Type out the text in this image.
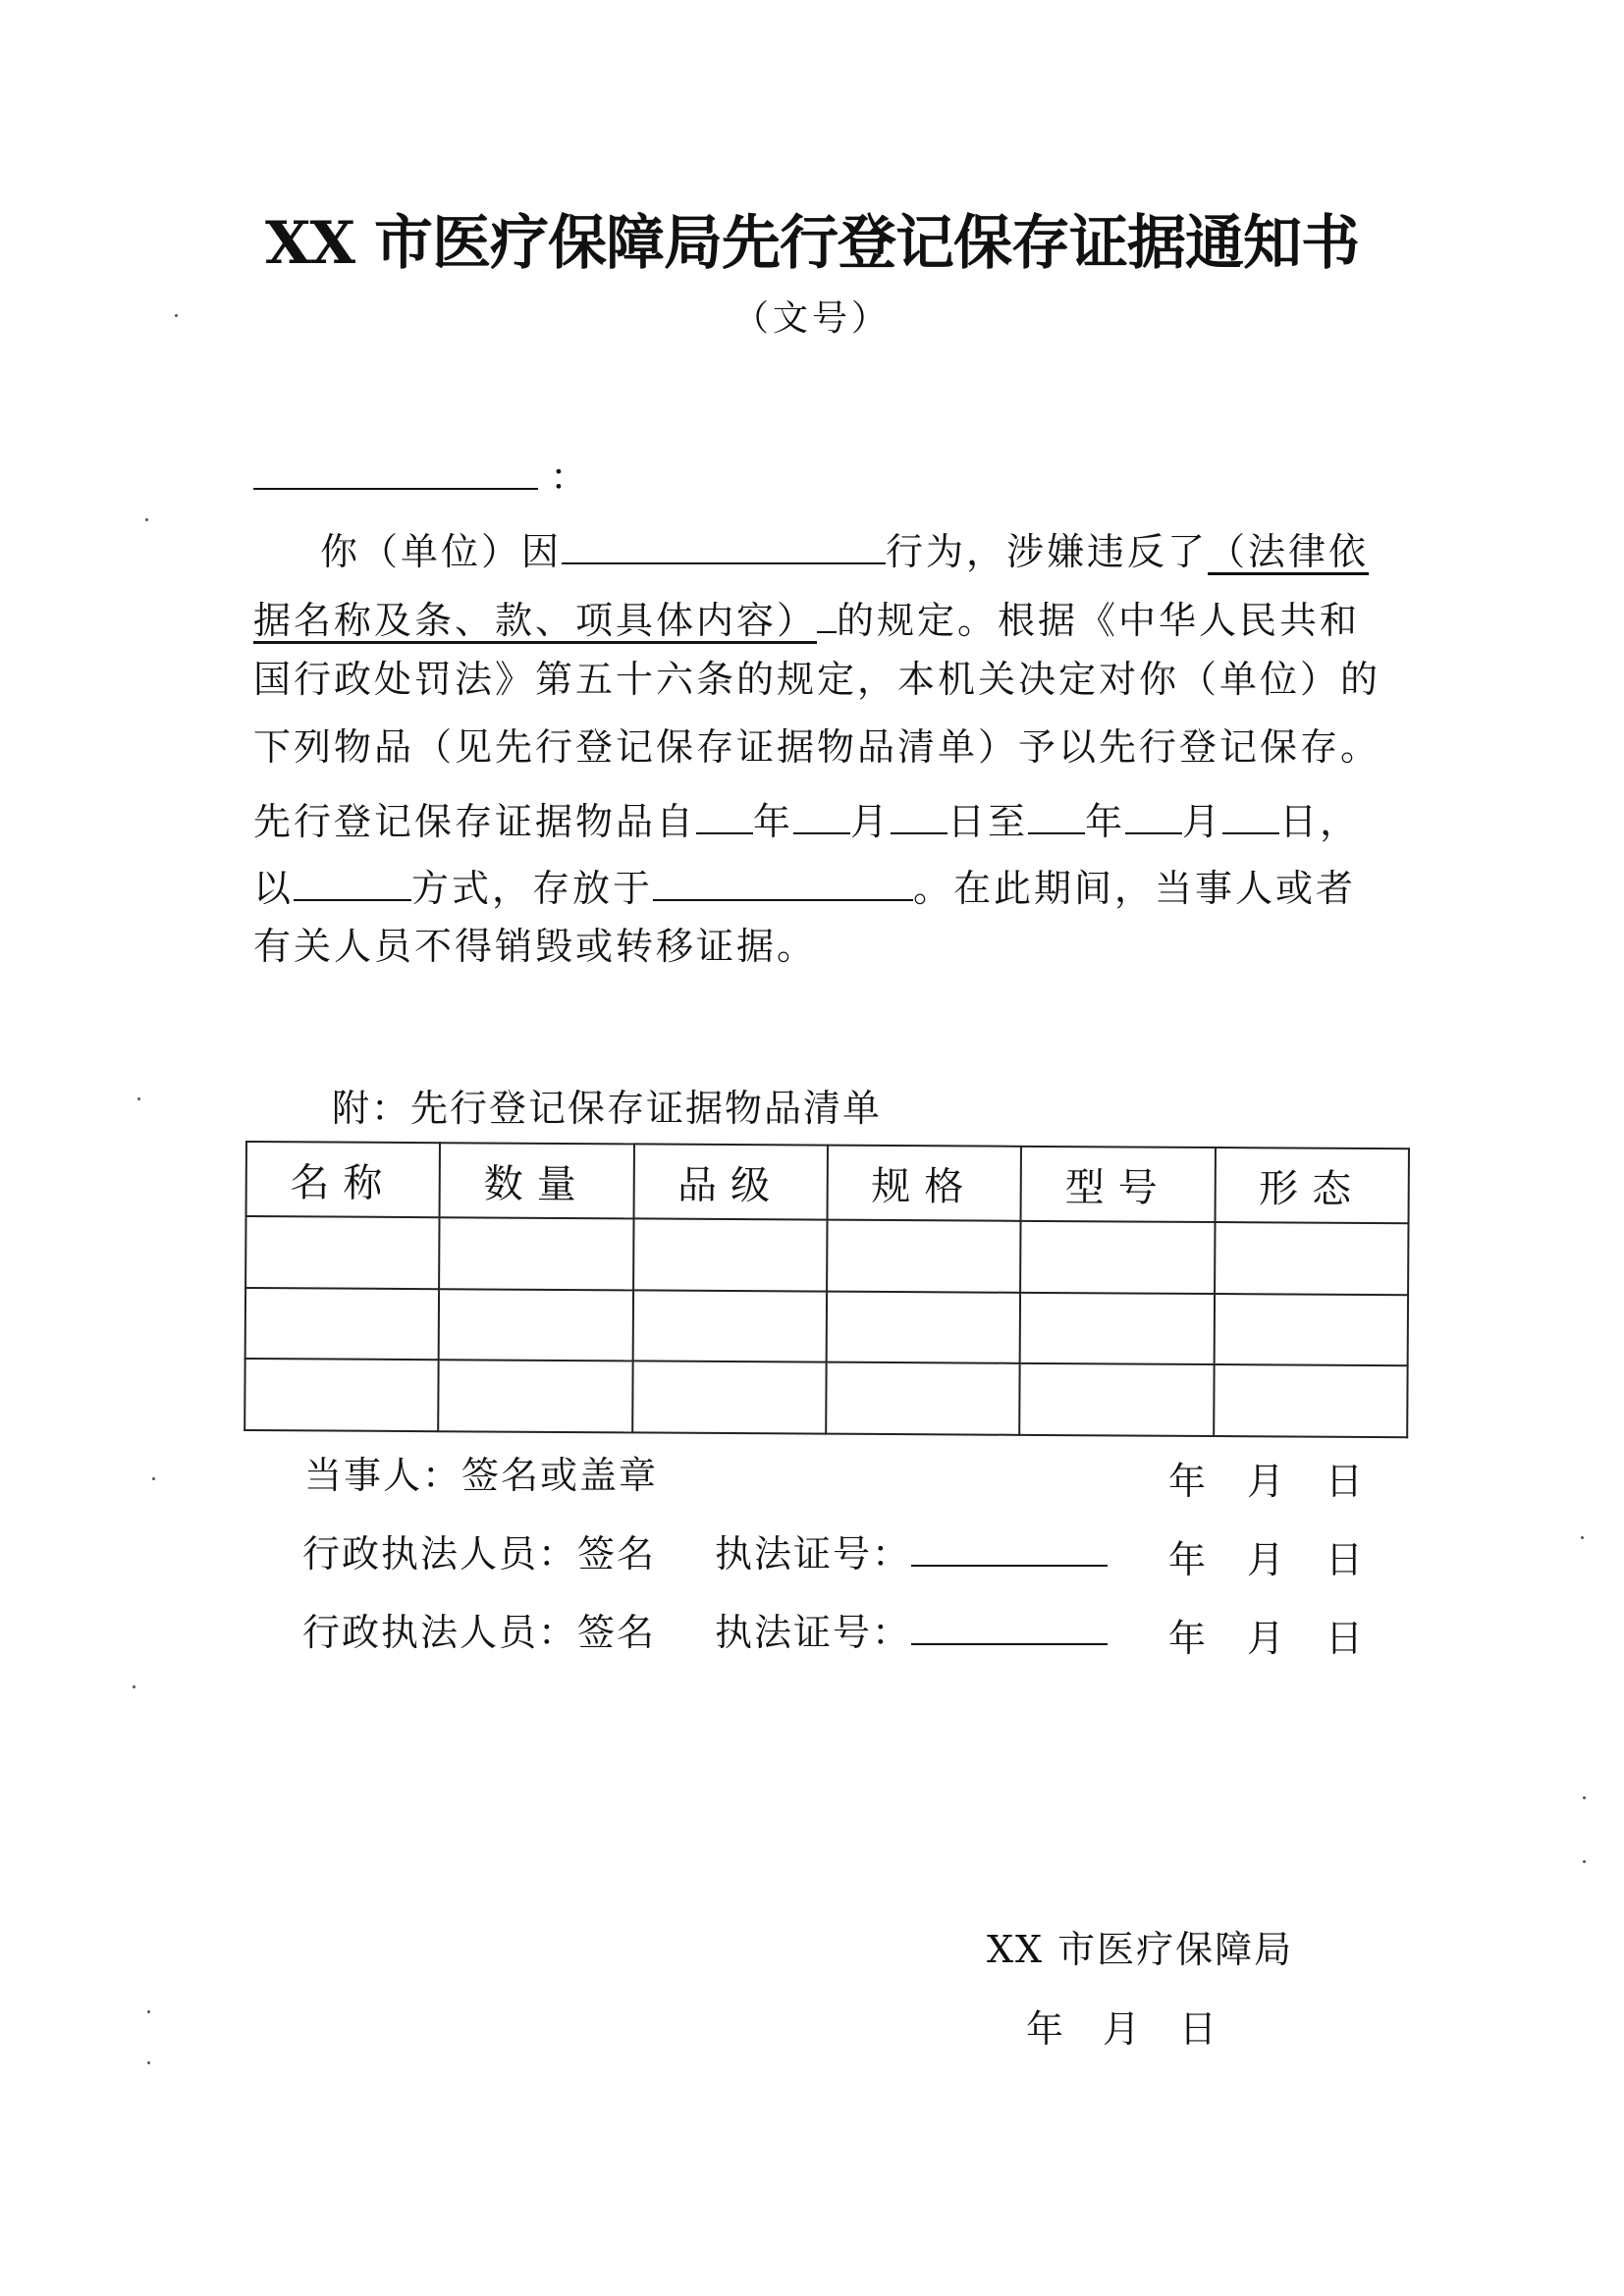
XX 市医疗保障局先行登记保存证据通知书
（文号）
：
你（单位）因	行为，涉嫌违反了（法律依
据名称及条、款、项具体内容） 的规定。根据《中华人民共和
国行政处罚法》第五十六条的规定，本机关决定对你（单位）的
下列物品（见先行登记保存证据物品清单）予以先行登记保存。
先行登记保存证据物品自 年 月 日至 年 月 日，
以	方式，存放于	。在此期间，当事人或者
有关人员不得销毁或转移证据。
附：先行登记保存证据物品清单
名称	数量	品级	规格	型号	形态

当事人：签名或盖章	年 月 日
行政执法人员：签名 执法证号：	年 月 日
行政执法人员：签名 执法证号：	年 月 日
XX 市医疗保障局
年 月 日
